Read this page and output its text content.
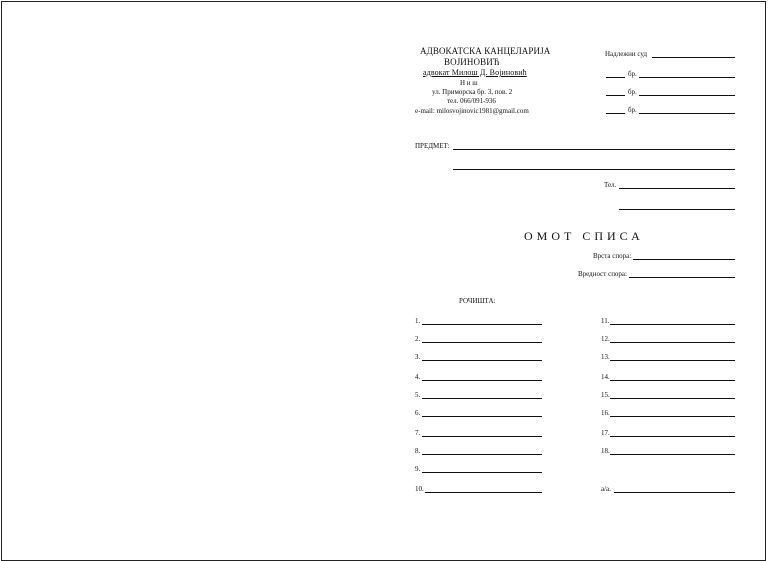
АДВОКАТСКА КАНЦЕЛАРИЈА
ВОЈИНОВИЋ
адвокат Милош Д. Војиновић
Н и ш
ул. Приморска бр. 3, пов. 2
тел. 066/091-936
e-mail: milosvojinovic1981@gmail.com
Надлежни суд
бр.
бр.
бр.
ПРЕДМЕТ:
Тел.
ОМОТ СПИСА
Врста спора:
Вредност спора:
РОЧИШТА:
1.
2.
3.
4.
5.
6.
7.
8.
9.
10.
11.
12.
13.
14.
15.
16.
17.
18.
а/а.
